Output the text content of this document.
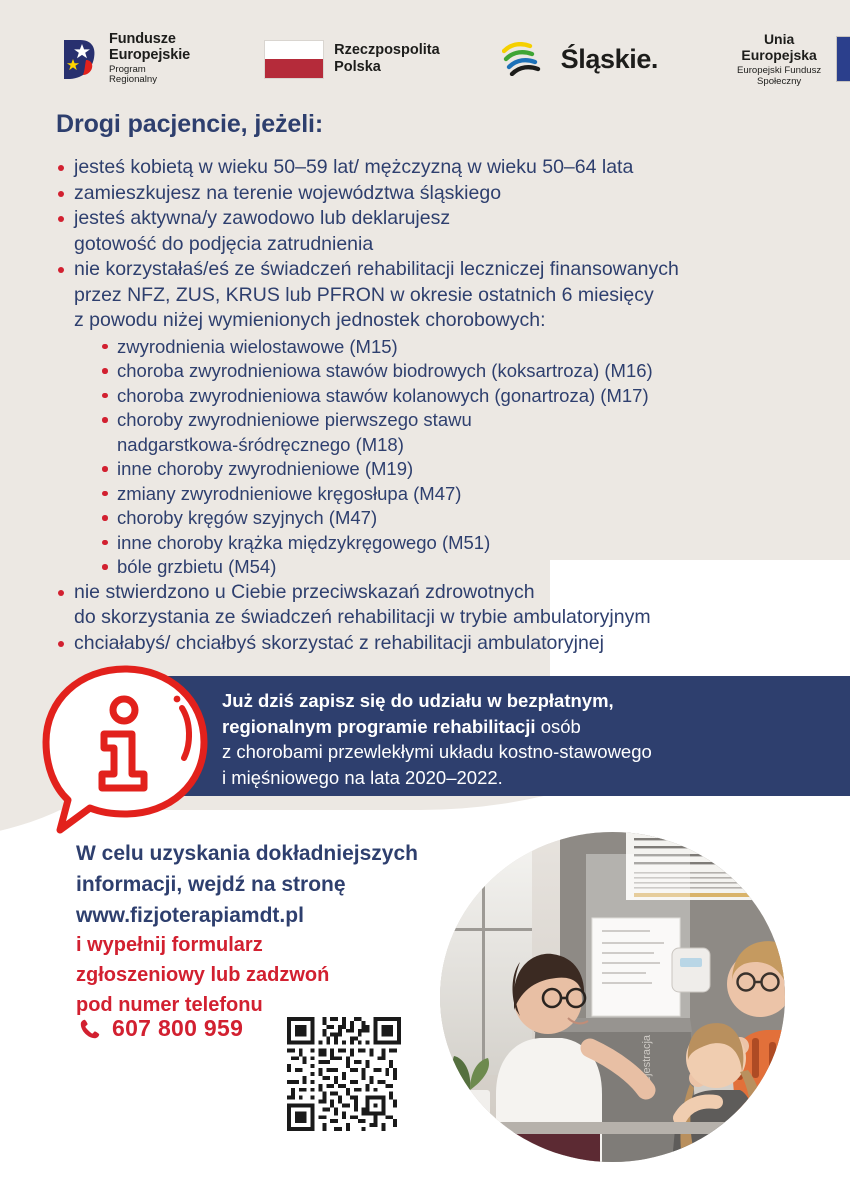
Fundusze
Europejskie
Program Regionalny
Rzeczpospolita
Polska	Śląskie.
Unia Europejska
Europejski Fundusz Społeczny
Drogi pacjencie, jeżeli:
jesteś kobietą w wieku 50–59 lat/ mężczyzną w wieku 50–64 lata
zamieszkujesz na terenie województwa śląskiego
jesteś aktywna/y zawodowo lub deklarujesz
gotowość do podjęcia zatrudnienia
nie korzystałaś/eś ze świadczeń rehabilitacji leczniczej finansowanych
przez NFZ, ZUS, KRUS lub PFRON w okresie ostatnich 6 miesięcy
z powodu niżej wymienionych jednostek chorobowych:
zwyrodnienia wielostawowe (M15)
choroba zwyrodnieniowa stawów biodrowych (koksartroza) (M16)
choroba zwyrodnieniowa stawów kolanowych (gonartroza) (M17)
choroby zwyrodnieniowe pierwszego stawu
nadgarstkowa-śródręcznego (M18)
inne choroby zwyrodnieniowe (M19)
zmiany zwyrodnieniowe kręgosłupa (M47)
choroby kręgów szyjnych (M47)
inne choroby krążka międzykręgowego (M51)
bóle grzbietu (M54)
nie stwierdzono u Ciebie przeciwskazań zdrowotnych
do skorzystania ze świadczeń rehabilitacji w trybie ambulatoryjnym
chciałabyś/ chciałbyś skorzystać z rehabilitacji ambulatoryjnej
Już dziś zapisz się do udziału w bezpłatnym,
regionalnym programie rehabilitacji osób
z chorobami przewlekłymi układu kostno-stawowego
i mięśniowego na lata 2020–2022.
W celu uzyskania dokładniejszych
informacji, wejdź na stronę
www.fizjoterapiamdt.pl
i wypełnij formularz
zgłoszeniowy lub zadzwoń
pod numer telefonu
607 800 959
Rejestracja
